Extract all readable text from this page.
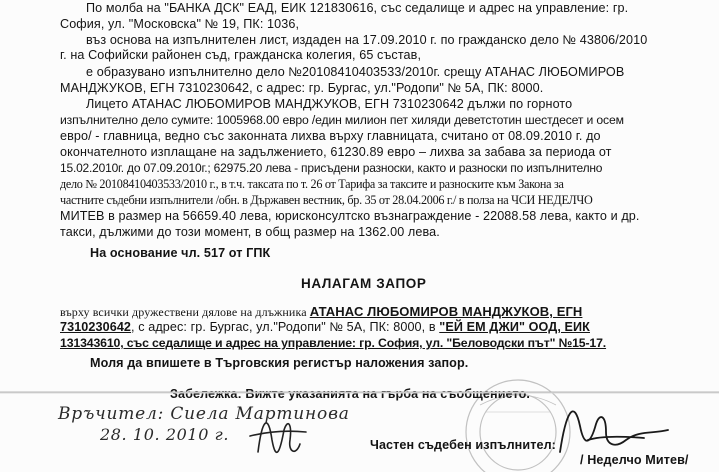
По молба на "БАНКА ДСК" ЕАД, ЕИК 121830616, със седалище и адрес на управление: гр.
София, ул. "Московска" № 19, ПК: 1036,
въз основа на изпълнителен лист, издаден на 17.09.2010 г. по гражданско дело № 43806/2010
г. на Софийски районен съд, гражданска колегия, 65 състав,
е образувано изпълнително дело №20108410403533/2010г. срещу АТАНАС ЛЮБОМИРОВ
МАНДЖУКОВ, ЕГН 7310230642, с адрес: гр. Бургас, ул."Родопи" № 5А, ПК: 8000.
Лицето АТАНАС ЛЮБОМИРОВ МАНДЖУКОВ, ЕГН 7310230642 дължи по горното
изпълнително дело сумите: 1005968.00 евро /един милион пет хиляди деветстотин шестдесет и осем
евро/ - главница, ведно със законната лихва върху главницата, считано от 08.09.2010 г. до
окончателното изплащане на задължението, 61230.89 евро – лихва за забава за периода от
15.02.2010г. до 07.09.2010г.; 62975.20 лева - присъдени разноски, както и разноски по изпълнително
дело № 20108410403533/2010 г., в т.ч. таксата по т. 26 от Тарифа за таксите и разноските към Закона за
частните съдебни изпълнители /обн. в Държавен вестник, бр. 35 от 28.04.2006 г./ в полза на ЧСИ НЕДЕЛЧО
МИТЕВ в размер на 56659.40 лева, юрисконсултско възнаграждение - 22088.58 лева, както и др.
такси, дължими до този момент, в общ размер на 1362.00 лева.
На основание чл. 517 от ГПК
НАЛАГАМ ЗАПОР
върху всички дружествени дялове на длъжника АТАНАС ЛЮБОМИРОВ МАНДЖУКОВ, ЕГН
7310230642, с адрес: гр. Бургас, ул."Родопи" № 5А, ПК: 8000, в "ЕЙ ЕМ ДЖИ" ООД, ЕИК
131343610, със седалище и адрес на управление: гр. София, ул. "Беловодски път" №15-17.
Моля да впишете в Търговския регистър наложения запор.
Забележка: Вижте указанията на гърба на съобщението.
Връчител: Сиела Мартинова
28. 10. 2010 г.
Частен съдебен изпълнител:
/ Неделчо Митев/
